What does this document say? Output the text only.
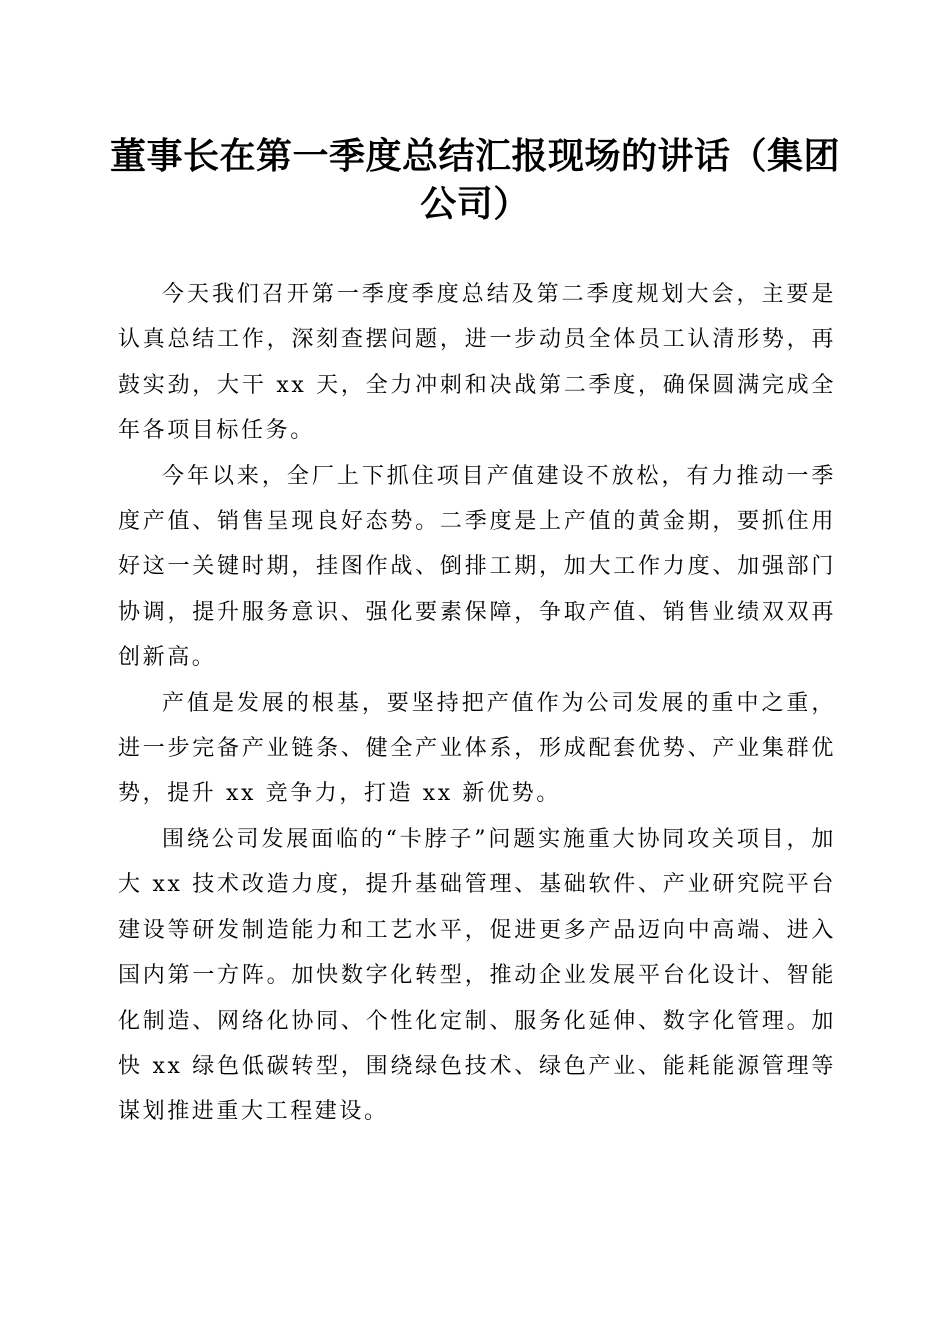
董事长在第一季度总结汇报现场的讲话（集团公司）

今天我们召开第一季度季度总结及第二季度规划大会，主要是认真总结工作，深刻查摆问题，进一步动员全体员工认清形势，再鼓实劲，大干 xx 天，全力冲刺和决战第二季度，确保圆满完成全年各项目标任务。

今年以来，全厂上下抓住项目产值建设不放松，有力推动一季度产值、销售呈现良好态势。二季度是上产值的黄金期，要抓住用好这一关键时期，挂图作战、倒排工期，加大工作力度、加强部门协调，提升服务意识、强化要素保障，争取产值、销售业绩双双再创新高。

产值是发展的根基，要坚持把产值作为公司发展的重中之重，进一步完备产业链条、健全产业体系，形成配套优势、产业集群优势，提升 xx 竞争力，打造 xx 新优势。

围绕公司发展面临的“卡脖子”问题实施重大协同攻关项目，加大 xx 技术改造力度，提升基础管理、基础软件、产业研究院平台建设等研发制造能力和工艺水平，促进更多产品迈向中高端、进入国内第一方阵。加快数字化转型，推动企业发展平台化设计、智能化制造、网络化协同、个性化定制、服务化延伸、数字化管理。加快 xx 绿色低碳转型，围绕绿色技术、绿色产业、能耗能源管理等谋划推进重大工程建设。
